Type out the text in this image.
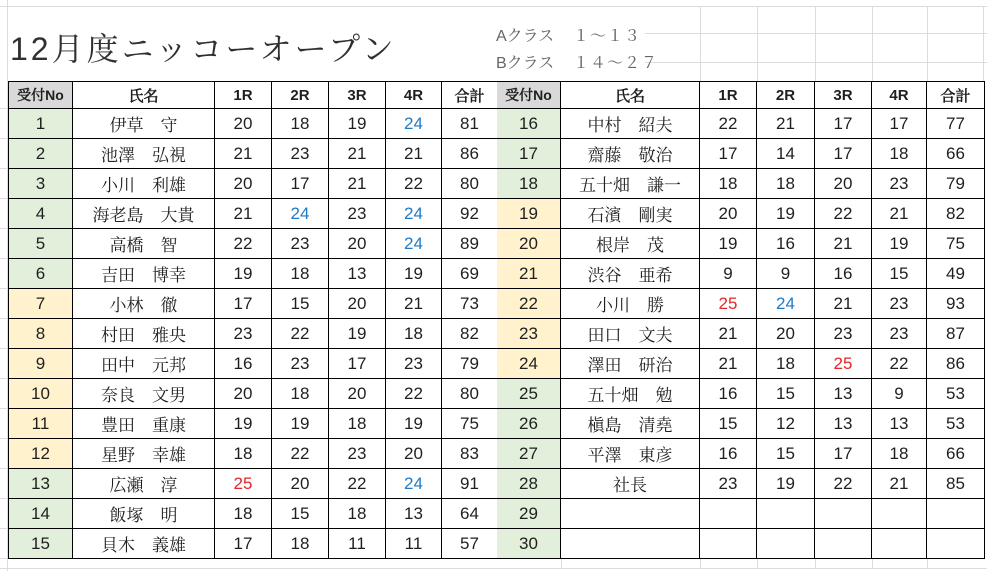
12月度ニッコーオープン	Aクラス １～１３
Bクラス １４～２７
受付No	氏名	1R	2R	3R	4R	合計
1	伊草　守	20	18	19	24	81
2	池澤　弘視	21	23	21	21	86
3	小川　利雄	20	17	21	22	80
4	海老島　大貴	21	24	23	24	92
5	高橋　智	22	23	20	24	89
6	吉田　博幸	19	18	13	19	69
7	小林　徹	17	15	20	21	73
8	村田　雅央	23	22	19	18	82
9	田中　元邦	16	23	17	23	79
10	奈良　文男	20	18	20	22	80
11	豊田　重康	19	19	18	19	75
12	星野　幸雄	18	22	23	20	83
13	広瀬　淳	25	20	22	24	91
14	飯塚　明	18	15	18	13	64
15	貝木　義雄	17	18	11	11	57
受付No	氏名	1R	2R	3R	4R	合計
16	中村　紹夫	22	21	17	17	77
17	齋藤　敬治	17	14	17	18	66
18	五十畑　謙一	18	18	20	23	79
19	石濱　剛実	20	19	22	21	82
20	根岸　茂	19	16	21	19	75
21	渋谷　亜希	9	9	16	15	49
22	小川　勝	25	24	21	23	93
23	田口　文夫	21	20	23	23	87
24	澤田　研治	21	18	25	22	86
25	五十畑　勉	16	15	13	9	53
26	槇島　清堯	15	12	13	13	53
27	平澤　東彦	16	15	17	18	66
28	社長	23	19	22	21	85
29
30
